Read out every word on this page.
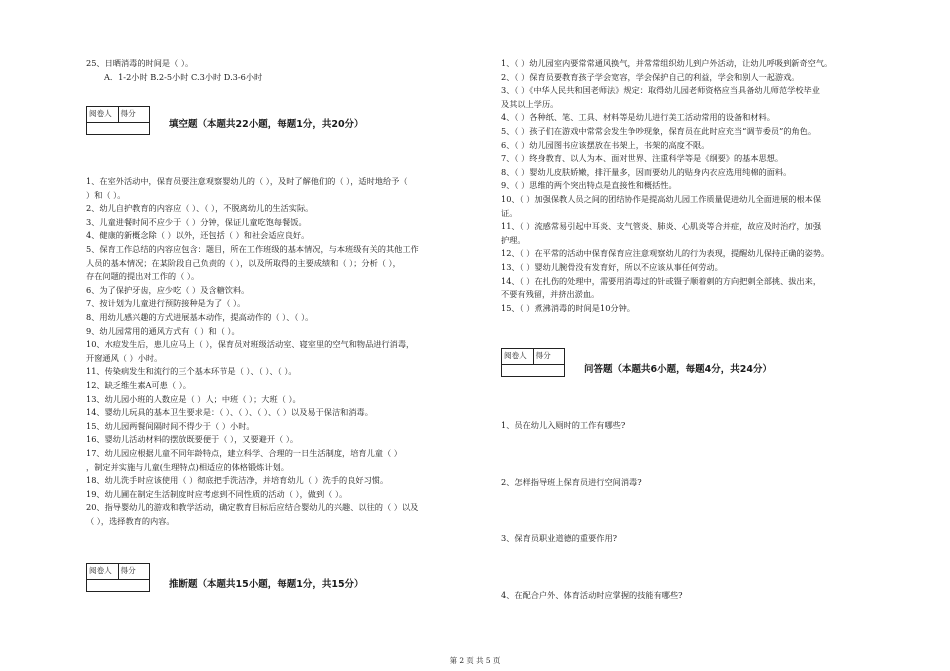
25、日晒消毒的时间是（ ）。
A．1-2小时 B.2-5小时 C.3小时 D.3-6小时
阅卷人	得分
填空题（本题共22小题，每题1分，共20分）
1、在室外活动中，保育员要注意观察婴幼儿的（ ），及时了解他们的（ ），适时地给予（
）和（ ）。
2、幼儿自护教育的内容应（ ）、（ ），不脱离幼儿的生活实际。
3、儿童进餐时间不应少于（ ）分钟，保证儿童吃饱每餐饭。
4、健康的新概念除（ ）以外，还包括（ ）和社会适应良好。
5、保育工作总结的内容应包含：题目，所在工作班级的基本情况，与本班级有关的其他工作
人员的基本情况；在某阶段自己负责的（ ），以及所取得的主要成绩和（ ）；分析（ ），
存在问题的提出对工作的（ ）。
6、为了保护牙齿，应少吃（ ）及含糖饮料。
7、按计划为儿童进行预防接种是为了（ ）。
8、用幼儿感兴趣的方式进展基本动作，提高动作的（ ）、（ ）。
9、幼儿园常用的通风方式有（ ）和（ ）。
10、水痘发生后，患儿应马上（ ），保育员对班级活动室、寝室里的空气和物品进行消毒，
开窗通风（ ）小时。
11、传染病发生和流行的三个基本环节是（ ）、（ ）、（ ）。
12、缺乏维生素A可患（ ）。
13、幼儿园小班的人数应是（ ）人；中班（ ）；大班（ ）。
14、婴幼儿玩具的基本卫生要求是：（ ）、（ ）、（ ）、（ ）以及易于保洁和消毒。
15、幼儿园两餐间隔时间不得少于（ ）小时。
16、婴幼儿活动材料的摆放既要便于（ ），又要避开（ ）。
17、幼儿园应根据儿童不同年龄特点，建立科学、合理的一日生活制度，培育儿童（ ）
，制定并实施与儿童(生理特点)相适应的体格锻炼计划。
18、幼儿洗手时应该使用（ ）彻底把手洗洁净，并培育幼儿（ ）洗手的良好习惯。
19、幼儿圃在制定生活制度时应考虑到不同性质的活动（ ），做到（ ）。
20、指导婴幼儿的游戏和教学活动，确定教育目标后应结合婴幼儿的兴趣、以往的（ ）以及
（ ），选择教育的内容。
阅卷人	得分
推断题（本题共15小题，每题1分，共15分）
1、（ ）幼儿园室内要常常通风换气，并常常组织幼儿到户外活动，让幼儿呼吸到新奇空气。
2、（ ）保育员要教育孩子学会宽容，学会保护自己的利益，学会和别人一起游戏。
3、（ ）《中华人民共和国老师法》规定：取得幼儿园老师资格应当具备幼儿师范学校毕业
及其以上学历。
4、（ ）各种纸、笔、工具、材料等是幼儿进行美工活动常用的设备和材料。
5、（ ）孩子们在游戏中常常会发生争吵现象，保育员在此时应充当“调节委员”的角色。
6、（ ）幼儿园图书应该摆放在书架上，书架的高度不限。
7、（ ）终身教育、以人为本、面对世界、注重科学等是《纲要》的基本思想。
8、（ ）婴幼儿皮肤娇嫩，排汗量多，因而要幼儿的贴身内衣应选用纯棉的面料。
9、（ ）思维的两个突出特点是直接性和概括性。
10、（ ）加强保教人员之间的团结协作是提高幼儿园工作质量促进幼儿全面进展的根本保
证。
11、（ ）流感常易引起中耳炎、支气管炎、肺炎、心肌炎等合并症，故应及时治疗，加强
护理。
12、（ ）在平常的活动中保育保育应注意观察幼儿的行为表现，提醒幼儿保持正确的姿势。
13、（ ）婴幼儿腕骨没有发育好，所以不应该从事任何劳动。
14、（ ）在扎伤的处理中，需要用消毒过的针或镊子顺着刺的方向把刺全部挑、拔出来，
不要有残留，并挤出淤血。
15、（ ）煮沸消毒的时间是10分钟。
阅卷人	得分
问答题（本题共6小题，每题4分，共24分）
1、员在幼儿入厕时的工作有哪些?
2、怎样指导班上保育员进行空间消毒?
3、保育员职业道德的重要作用?
4、在配合户外、体育活动时应掌握的技能有哪些?
第 2 页 共 5 页
